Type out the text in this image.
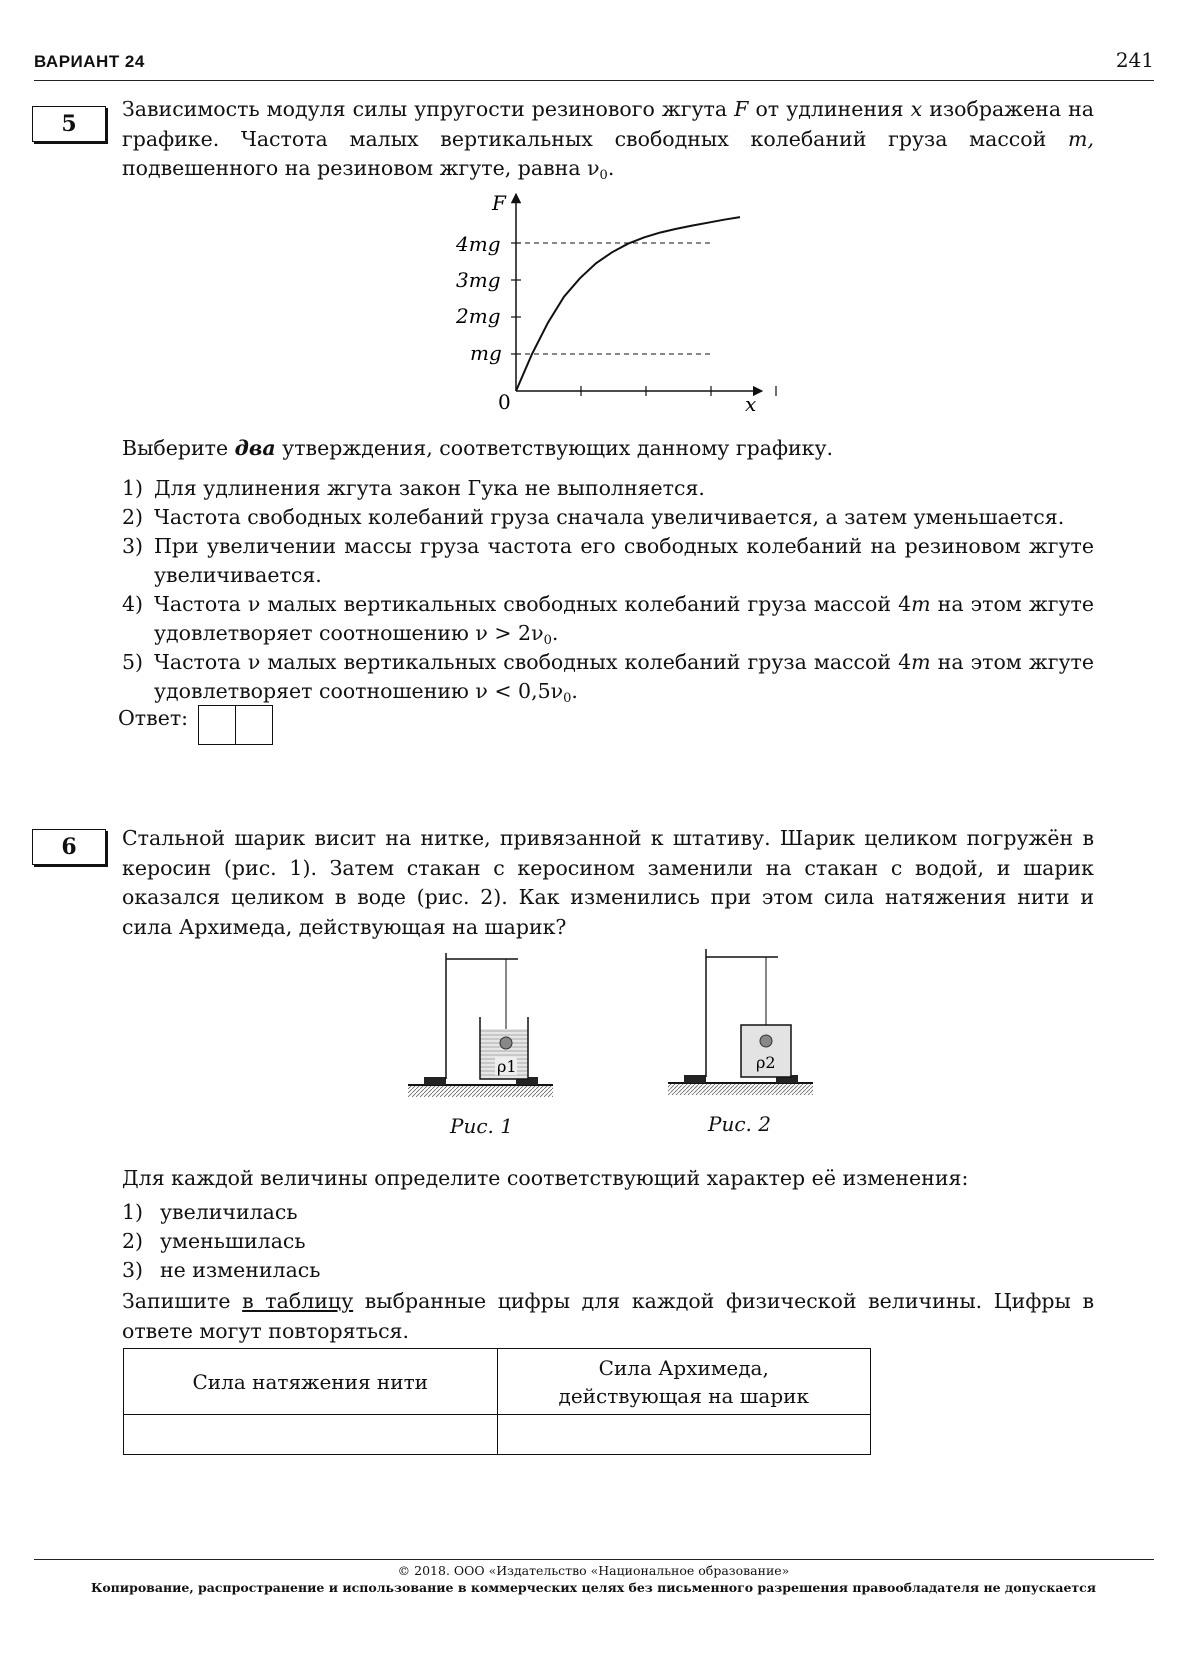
ВАРИАНТ 24	241
5
Зависимость модуля силы упругости резинового жгута F от удлинения x изображена на графике. Частота малых вертикальных свободных колебаний груза массой m, подвешенного на резиновом жгуте, равна $\nu_0$.
F
x
0
4mg
3mg
2mg
mg
Выберите два утверждения, соответствующих данному графику.
1) Для удлинения жгута закон Гука не выполняется.
2) Частота свободных колебаний груза сначала увеличивается, а затем уменьшается.
3) При увеличении массы груза частота его свободных колебаний на резиновом жгуте увеличивается.
4) Частота ν малых вертикальных свободных колебаний груза массой 4m на этом жгуте удовлетворяет соотношению $\nu > 2\nu_0$.
5) Частота ν малых вертикальных свободных колебаний груза массой 4m на этом жгуте удовлетворяет соотношению $\nu < 0,5\nu_0$.
Ответ:
6	Стальной шарик висит на нитке, привязанной к штативу. Шарик целиком погружён в керосин (рис. 1). Затем стакан с керосином заменили на стакан с водой, и шарик оказался целиком в воде (рис. 2). Как изменились при этом сила натяжения нити и сила Архимеда, действующая на шарик?
ρ1
Рис. 1
ρ2
Рис. 2
Для каждой величины определите соответствующий характер её изменения:
1) увеличилась
2) уменьшилась
3) не изменилась
Запишите в таблицу выбранные цифры для каждой физической величины. Цифры в ответе могут повторяться.
Сила натяжения нити	Сила Архимеда, действующая на шарик

© 2018. ООО «Издательство «Национальное образование»
Копирование, распространение и использование в коммерческих целях без письменного разрешения правообладателя не допускается
